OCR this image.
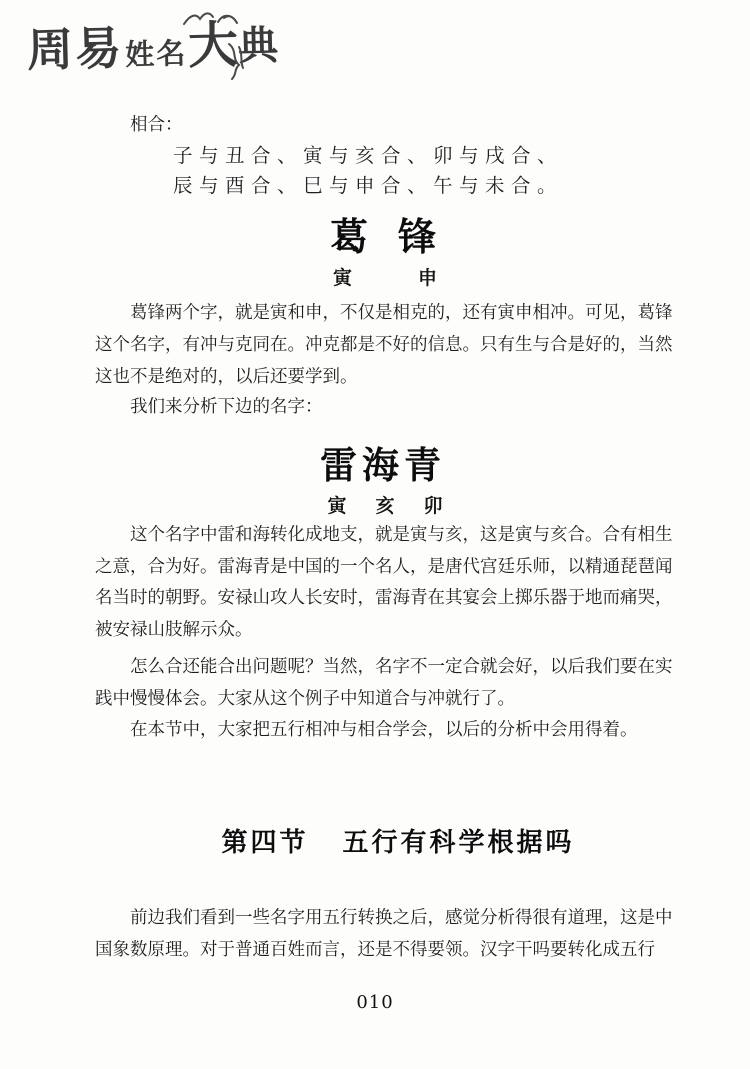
周 易 姓 名 大
典
相合：
子与丑合、寅与亥合、卯与戌合、
辰与酉合、巳与申合、午与未合。
葛 锋
寅	申
葛锋两个字，就是寅和申，不仅是相克的，还有寅申相冲。可见，葛锋
这个名字，有冲与克同在。冲克都是不好的信息。只有生与合是好的，当然
这也不是绝对的，以后还要学到。
我们来分析下边的名字：
雷海青
寅 亥 卯
这个名字中雷和海转化成地支，就是寅与亥，这是寅与亥合。合有相生
之意，合为好。雷海青是中国的一个名人，是唐代宫廷乐师，以精通琵琶闻
名当时的朝野。安禄山攻人长安时，雷海青在其宴会上掷乐器于地而痛哭，
被安禄山肢解示众。
怎么合还能合出问题呢？当然，名字不一定合就会好，以后我们要在实
践中慢慢体会。大家从这个例子中知道合与冲就行了。
在本节中，大家把五行相冲与相合学会，以后的分析中会用得着。
第四节 五行有科学根据吗
前边我们看到一些名字用五行转换之后，感觉分析得很有道理，这是中
国象数原理。对于普通百姓而言，还是不得要领。汉字干吗要转化成五行
010
